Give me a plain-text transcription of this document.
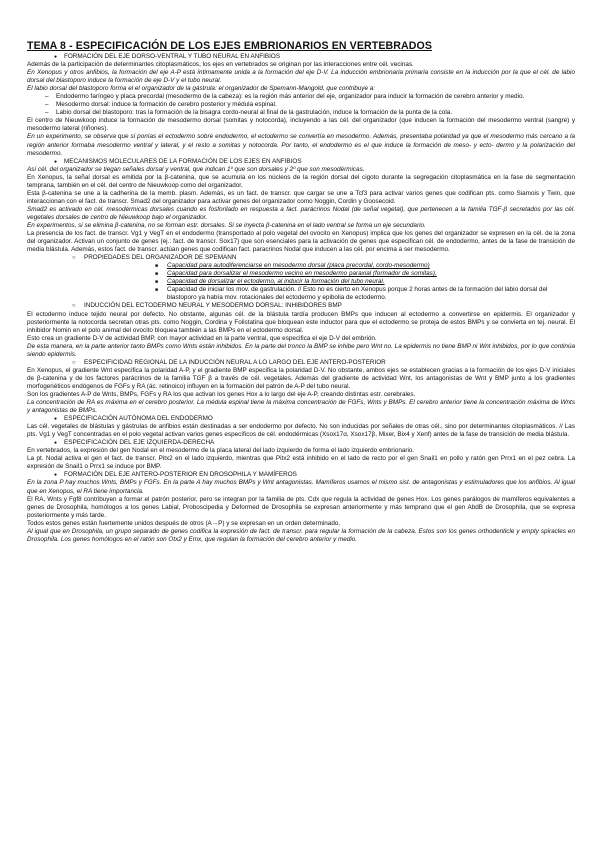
TEMA 8 - ESPECIFICACIÓN DE LOS EJES EMBRIONARIOS EN VERTEBRADOS
● FORMACIÓN DEL EJE DORSO-VENTRAL Y TUBO NEURAL EN ANFIBIOS

Además de la participación de determinantes citoplasmáticos, los ejes en vertebrados se originan por las interacciones entre cél. vecinas.

En Xenopus y otros anfibios, la formación del eje A-P está íntimamente unida a la formación del eje D-V. La inducción embrionaria primaria consiste en la inducción por la que el cél. de labio dorsal del blastoporo induce la formación de eje D-V y el tubo neural.

El labio dorsal del blastoporo forma el el organizador de la gástrula: el organizador de Spemann-Mangold, que contribuye a:

– Endodermo faríngeo y placa precordal (mesodermo de la cabeza): es la región más anterior del eje, organizador para inducir la formación de cerebro anterior y medio.
– Mesodermo dorsal: induce la formación de cerebro posterior y médula espinal.
– Labio dorsal del blastoporo: tras la formación de la bisagra cordo-neural al final de la gastrulación, induce la formación de la punta de la cola.

El centro de Nieuwkoop induce la formación de mesodermo dorsal (somitas y notocorda), incluyendo a las cél. del organizador (que inducen la formación del mesodermo ventral (sangre) y mesodermo lateral (riñones).

En un experimento, se observa que si ponías el ectodermo sobre endodermo, el ectodermo se convertía en mesodermo. Además, presentaba polaridad ya que el mesodermo más cercano a la región anterior formaba mesodermo ventral y lateral, y el resto a somitas y notocorda. Por tanto, el endodermo es el que induce la formación de meso- y ecto- dermo y la polarización del mesodermo.

● MECANISMOS MOLECULARES DE LA FORMACIÓN DE LOS EJES EN ANFIBIOS

Así cél. del organizador se tiegan señales dorsal y ventral, que indican 1º que son dorsales y 2º que son mesodérmicas.

En Xenopus, la señal dorsal es emitida por la β-catenina, que se acumula en los núcleos de la región dorsal del cigoto durante la segregación citoplasmática en la fase de segmentación temprana, también en el cél. del centro de Nieuwkoop como del organizador.

Esta β-catenina se une a la cadherina de la memb. plasm. Además, es un fact. de transcr. que cargar se une a Tcf3 para activar varios genes que codifican pts. como Siamois y Twin, que interaccionan con el fact. de transcr. Smad2 del organizador para activar genes del organizador como Noggin, Cordin y Goosecoid.

Smad2 es activado en cél. mesodérmicas dorsales cuando es fosforilado en respuesta a fact. parácrinos Nodal (de señal vegetal), que pertenecen a la familia TGF-β secretados por las cél. vegetales dorsales de centro de Nieuwkoop bajo el organizador.

En experimentos, si se elimina β-catenina, no se forman estr. dorsales. Si se inyecta β-catenina en el lado ventral se forma un eje secundario.

La presencia de los fact. de transcr. Vg1 y VegT en el endodermo (transportado al polo vegetal del ovocito en Xenopus) implica que los genes del organizador se expresen en la cél. de la zona del organizador. Activan un conjunto de genes (ej.: fact. de transcr. Sox17) que son esenciales para la activación de genes que especifican cél. de endodermo, antes de la fase de transición de media blástula. Además, estos fact. de transcr. actúan genes que codifican fact. paracrinos Nodal que inducen a las cél. por encima a ser mesodermo.

○ PROPIEDADES DEL ORGANIZADOR DE SPEMANN
■ Capacidad para autodiferenciarse en mesodermo dorsal (placa precordal, cordo-mesodermo)
■ Capacidad para dorsalizar el mesodermo vecino en mesodermo paraxial (formador de somitas).
■ Capacidad de dorsalizar el ectodermo, al inducir la formación del tubo neural.
■ Capacidad de iniciar los mov. de gastrulación. // Esto no es cierto en Xenopus porque 2 horas antes de la formación del labio dorsal del blastoporo ya había mov. rotacionales del ectodermo y epibolia de ectodermo.
○ INDUCCIÓN DEL ECTODERMO NEURAL Y MESODERMO DORSAL: INHIBIDORES BMP

El ectodermo induce tejido neural por defecto. No obstante, algunas cél. de la blástula tardía producen BMPs que inducen al ectodermo a convertirse en epidermis. El organizador y posteriormente la notocorda secretan otras pts. como Noggin, Cordina y Folistatina que bloquean este inductor para que el ectodermo se proteja de estos BMPs y se convierta en tej. neural. El inhibidor Nomin en el polo animal del ovocito bloquea también a las BMPs en el ectodermo dorsal.

Esto crea un gradiente D-V de actividad BMP, con mayor actividad en la parte ventral, que especifica el eje D-V del embrión.

De esta manera, en la parte anterior tanto BMPs como Wnts están inhibidos. En la parte del tronco la BMP se inhibe pero Wnt no. La epidermis no tiene BMP ni Wnt inhibidos, por lo que continúa siendo epidermis.

○ ESPECIFICIDAD REGIONAL DE LA INDUCCIÓN NEURAL A LO LARGO DEL EJE ANTERO-POSTERIOR

En Xenopus, el gradiente Wnt especifica la polaridad A-P, y el gradiente BMP especifica la polaridad D-V. No obstante, ambos ejes se establecen gracias a la formación de los ejes D-V iniciales de β-catenina y de los factores parácrinos de la familia TGF β a través de cél. vegetales. Además del gradiente de actividad Wnt, los antagonistas de Wnt y BMP junto a los gradientes morfogenéticos endógenos de FGFs y RA (ác. retinoico) influyen en la formación del patrón de A-P del tubo neural.

Son los gradientes A-P de Wnts, BMPs, FGFs y RA los que activan los genes Hox a lo largo del eje A-P, creando distintas estr. cerebrales.

La concentración de RA es máxima en el cerebro posterior. La médula espinal tiene la máxima concentración de FGFs, Wnts y BMPs. El cerebro anterior tiene la concentración máxima de Wnts y antagonistas de BMPs.

● ESPECIFICACIÓN AUTÓNOMA DEL ENDODERMO

Las cél. vegetales de blástulas y gástrulas de anfibios están destinadas a ser endodermo por defecto. No son inducidas por señales de otras cél., sino por determinantes citoplasmáticos. // Las pts. Vg1 y VegT concentradas en el polo vegetal activan varios genes específicos de cél. endodérmicas (Xsox17α, Xsox17β, Mixer, Bix4 y Xenf) antes de la fase de transición de media blástula.

● ESPECIFICACIÓN DEL EJE IZQUIERDA-DERECHA

En vertebrados, la expresión del gen Nodal en el mesodermo de la placa lateral del lado izquierdo de forma el lado izquierdo embrionario.

La pt. Nodal activa el gen el fact. de transcr. Pitx2 en el lado izquierdo, mientras que Pitx2 está inhibido en el lado de recto por el gen Snail1 en pollo y ratón gen Prrx1 en el pez cebra. La expresión de Snail1 o Prrx1 se induce por BMP.

● FORMACIÓN DEL EJE ANTERO-POSTERIOR EN DROSOPHILA Y MAMÍFEROS

En la zona P hay muchos Wnts, BMPs y FGFs. En la parte A hay muchos BMPs y Wnt antagonistas. Mamíferos usamos el mismo sist. de antagonistas y estimuladores que los anfibios. Al igual que en Xenopus, el RA tiene importancia.

El RA, Wnts y Fgf8 contribuyen a formar el patrón posterior, pero se integran por la familia de pts. Cdx que regula la actividad de genes Hox. Los genes parálogos de mamíferos equivalentes a genes de Drosophila, homólogos a los genes Labial, Proboscipedia y Deformed de Drosophila se expresan anteriormente y más temprano que el gen AbdB de Drosophila, que se expresa posteriormente y más tarde.

Todos estos genes están fuertemente unidos después de otros (A→P) y se expresan en un orden determinado.

Al igual que en Drosophila, un grupo separado de genes codifica la expresión de fact. de transcr. para regular la formación de la cabeza. Estos son los genes orthodenticle y empty spiracles en Drosophila. Los genes homólogos en el ratón son Otx2 y Emx, que regulan la formación del cerebro anterior y medio.
